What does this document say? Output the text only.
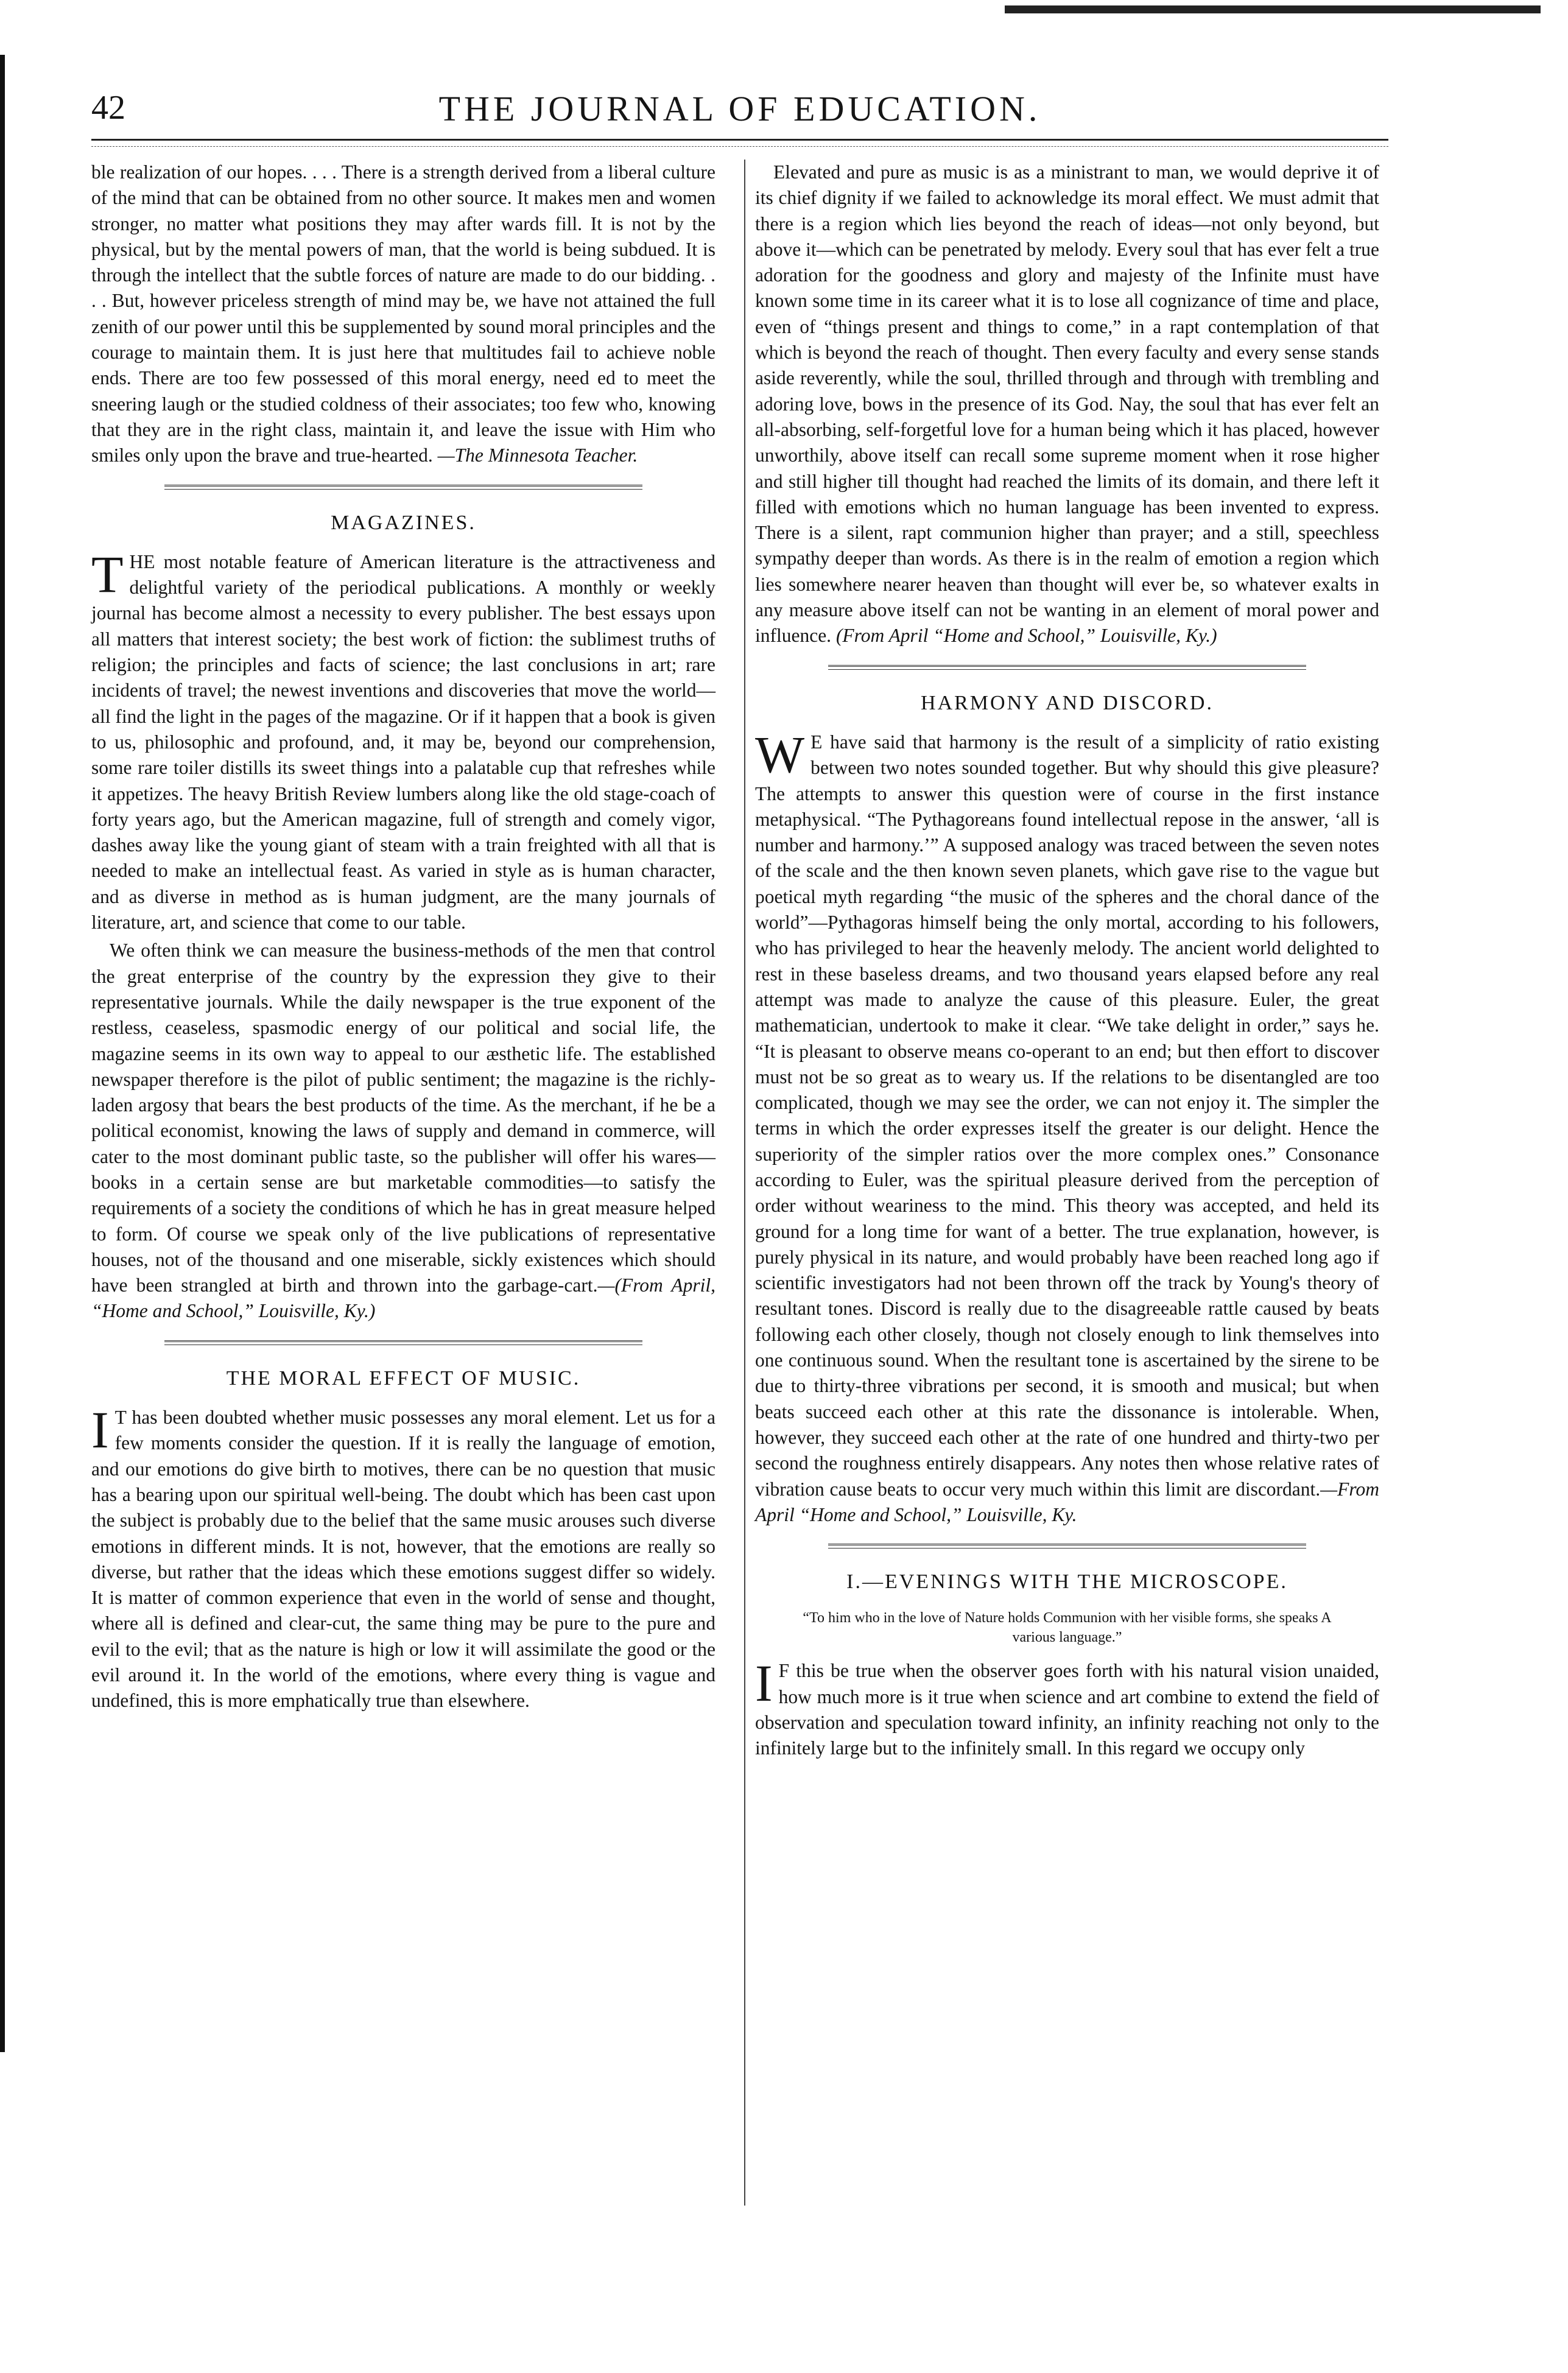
THE JOURNAL OF EDUCATION.
42

ble realization of our hopes. . . . There is a strength derived from a liberal culture of the mind that can be obtained from no other source. It makes men and women stronger, no matter what positions they may after wards fill. It is not by the physical, but by the mental powers of man, that the world is being subdued. It is through the intellect that the subtle forces of nature are made to do our bidding. . . . But, however priceless strength of mind may be, we have not attained the full zenith of our power until this be supplemented by sound moral principles and the courage to maintain them. It is just here that multitudes fail to achieve noble ends. There are too few possessed of this moral energy, need ed to meet the sneering laugh or the studied coldness of their associates; too few who, knowing that they are in the right class, maintain it, and leave the issue with Him who smiles only upon the brave and true-hearted. —The Minnesota Teacher.

MAGAZINES.

THE most notable feature of American literature is the attractiveness and delightful variety of the periodical publications. A monthly or weekly journal has become almost a necessity to every publisher. The best essays upon all matters that interest society; the best work of fiction: the sublimest truths of religion; the principles and facts of science; the last conclusions in art; rare incidents of travel; the newest inventions and discoveries that move the world—all find the light in the pages of the magazine. Or if it happen that a book is given to us, philosophic and profound, and, it may be, beyond our comprehension, some rare toiler distills its sweet things into a palatable cup that refreshes while it appetizes. The heavy British Review lumbers along like the old stage-coach of forty years ago, but the American magazine, full of strength and comely vigor, dashes away like the young giant of steam with a train freighted with all that is needed to make an intellectual feast. As varied in style as is human character, and as diverse in method as is human judgment, are the many journals of literature, art, and science that come to our table.

We often think we can measure the business-methods of the men that control the great enterprise of the country by the expression they give to their representative journals. While the daily newspaper is the true exponent of the restless, ceaseless, spasmodic energy of our political and social life, the magazine seems in its own way to appeal to our æsthetic life. The established newspaper therefore is the pilot of public sentiment; the magazine is the richly-laden argosy that bears the best products of the time. As the merchant, if he be a political economist, knowing the laws of supply and demand in commerce, will cater to the most dominant public taste, so the publisher will offer his wares—books in a certain sense are but marketable commodities—to satisfy the requirements of a society the conditions of which he has in great measure helped to form. Of course we speak only of the live publications of representative houses, not of the thousand and one miserable, sickly existences which should have been strangled at birth and thrown into the garbage-cart.—(From April, “Home and School,” Louisville, Ky.)

THE MORAL EFFECT OF MUSIC.

I T has been doubted whether music possesses any moral element. Let us for a few moments consider the question. If it is really the language of emotion, and our emotions do give birth to motives, there can be no question that music has a bearing upon our spiritual well-being. The doubt which has been cast upon the subject is probably due to the belief that the same music arouses such diverse emotions in different minds. It is not, however, that the emotions are really so diverse, but rather that the ideas which these emotions suggest differ so widely. It is matter of common experience that even in the world of sense and thought, where all is defined and clear-cut, the same thing may be pure to the pure and evil to the evil; that as the nature is high or low it will assimilate the good or the evil around it. In the world of the emotions, where every thing is vague and undefined, this is more emphatically true than elsewhere.

Elevated and pure as music is as a ministrant to man, we would deprive it of its chief dignity if we failed to acknowledge its moral effect. We must admit that there is a region which lies beyond the reach of ideas—not only beyond, but above it—which can be penetrated by melody. Every soul that has ever felt a true adoration for the goodness and glory and majesty of the Infinite must have known some time in its career what it is to lose all cognizance of time and place, even of “things present and things to come,” in a rapt contemplation of that which is beyond the reach of thought. Then every faculty and every sense stands aside reverently, while the soul, thrilled through and through with trembling and adoring love, bows in the presence of its God. Nay, the soul that has ever felt an all-absorbing, self-forgetful love for a human being which it has placed, however unworthily, above itself can recall some supreme moment when it rose higher and still higher till thought had reached the limits of its domain, and there left it filled with emotions which no human language has been invented to express. There is a silent, rapt communion higher than prayer; and a still, speechless sympathy deeper than words. As there is in the realm of emotion a region which lies somewhere nearer heaven than thought will ever be, so whatever exalts in any measure above itself can not be wanting in an element of moral power and influence. (From April “Home and School,” Louisville, Ky.)

HARMONY AND DISCORD.

W E have said that harmony is the result of a simplicity of ratio existing between two notes sounded together. But why should this give pleasure? The attempts to answer this question were of course in the first instance metaphysical. “The Pythagoreans found intellectual repose in the answer, ‘all is number and harmony.’” A supposed analogy was traced between the seven notes of the scale and the then known seven planets, which gave rise to the vague but poetical myth regarding “the music of the spheres and the choral dance of the world”—Pythagoras himself being the only mortal, according to his followers, who has privileged to hear the heavenly melody. The ancient world delighted to rest in these baseless dreams, and two thousand years elapsed before any real attempt was made to analyze the cause of this pleasure. Euler, the great mathematician, undertook to make it clear. “We take delight in order,” says he. “It is pleasant to observe means co-operant to an end; but then effort to discover must not be so great as to weary us. If the relations to be disentangled are too complicated, though we may see the order, we can not enjoy it. The simpler the terms in which the order expresses itself the greater is our delight. Hence the superiority of the simpler ratios over the more complex ones.” Consonance according to Euler, was the spiritual pleasure derived from the perception of order without weariness to the mind. This theory was accepted, and held its ground for a long time for want of a better. The true explanation, however, is purely physical in its nature, and would probably have been reached long ago if scientific investigators had not been thrown off the track by Young's theory of resultant tones. Discord is really due to the disagreeable rattle caused by beats following each other closely, though not closely enough to link themselves into one continuous sound. When the resultant tone is ascertained by the sirene to be due to thirty-three vibrations per second, it is smooth and musical; but when beats succeed each other at this rate the dissonance is intolerable. When, however, they succeed each other at the rate of one hundred and thirty-two per second the roughness entirely disappears. Any notes then whose relative rates of vibration cause beats to occur very much within this limit are discordant.—From April “Home and School,” Louisville, Ky.

I.—EVENINGS WITH THE MICROSCOPE.
“To him who in the love of Nature holds Communion with her visible forms, she speaks A various language.”

I F this be true when the observer goes forth with his natural vision unaided, how much more is it true when science and art combine to extend the field of observation and speculation toward infinity, an infinity reaching not only to the infinitely large but to the infinitely small. In this regard we occupy only
